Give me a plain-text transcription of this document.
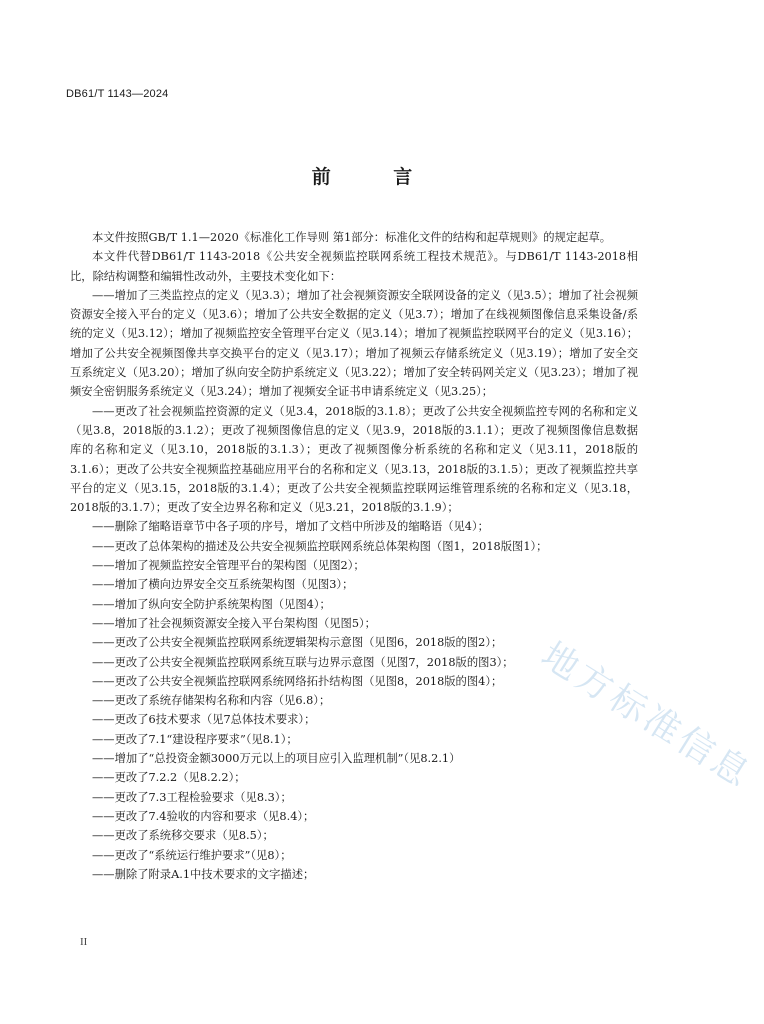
DB61/T 1143—2024
前 言

本文件按照GB/T 1.1—2020《标准化工作导则 第1部分：标准化文件的结构和起草规则》的规定起草。

本文件代替DB61/T 1143-2018《公共安全视频监控联网系统工程技术规范》。与DB61/T 1143-2018相比，除结构调整和编辑性改动外，主要技术变化如下：

——增加了三类监控点的定义（见3.3）；增加了社会视频资源安全联网设备的定义（见3.5）；增加了社会视频资源安全接入平台的定义（见3.6）；增加了公共安全数据的定义（见3.7）；增加了在线视频图像信息采集设备/系统的定义（见3.12）；增加了视频监控安全管理平台定义（见3.14）；增加了视频监控联网平台的定义（见3.16）；增加了公共安全视频图像共享交换平台的定义（见3.17）；增加了视频云存储系统定义（见3.19）；增加了安全交互系统定义（见3.20）；增加了纵向安全防护系统定义（见3.22）；增加了安全转码网关定义（见3.23）；增加了视频安全密钥服务系统定义（见3.24）；增加了视频安全证书申请系统定义（见3.25）；

——更改了社会视频监控资源的定义（见3.4，2018版的3.1.8）；更改了公共安全视频监控专网的名称和定义（见3.8，2018版的3.1.2）；更改了视频图像信息的定义（见3.9，2018版的3.1.1）；更改了视频图像信息数据库的名称和定义（见3.10，2018版的3.1.3）；更改了视频图像分析系统的名称和定义（见3.11，2018版的3.1.6）；更改了公共安全视频监控基础应用平台的名称和定义（见3.13，2018版的3.1.5）；更改了视频监控共享平台的定义（见3.15，2018版的3.1.4）；更改了公共安全视频监控联网运维管理系统的名称和定义（见3.18，2018版的3.1.7）；更改了安全边界名称和定义（见3.21，2018版的3.1.9）；

——删除了缩略语章节中各子项的序号，增加了文档中所涉及的缩略语（见4）；

——更改了总体架构的描述及公共安全视频监控联网系统总体架构图（图1，2018版图1）；

——增加了视频监控安全管理平台的架构图（见图2）；

——增加了横向边界安全交互系统架构图（见图3）；

——增加了纵向安全防护系统架构图（见图4）；

——增加了社会视频资源安全接入平台架构图（见图5）；

——更改了公共安全视频监控联网系统逻辑架构示意图（见图6，2018版的图2）；

——更改了公共安全视频监控联网系统互联与边界示意图（见图7，2018版的图3）；

——更改了公共安全视频监控联网系统网络拓扑结构图（见图8，2018版的图4）；

——更改了系统存储架构名称和内容（见6.8）；

——更改了6技术要求（见7总体技术要求）；

——更改了7.1“建设程序要求”（见8.1）；

——增加了“总投资金额3000万元以上的项目应引入监理机制”（见8.2.1）

——更改了7.2.2（见8.2.2）；

——更改了7.3工程检验要求（见8.3）；

——更改了7.4验收的内容和要求（见8.4）；

——更改了系统移交要求（见8.5）；

——更改了“系统运行维护要求”（见8）；

——删除了附录A.1中技术要求的文字描述；

地方标准信息
II
